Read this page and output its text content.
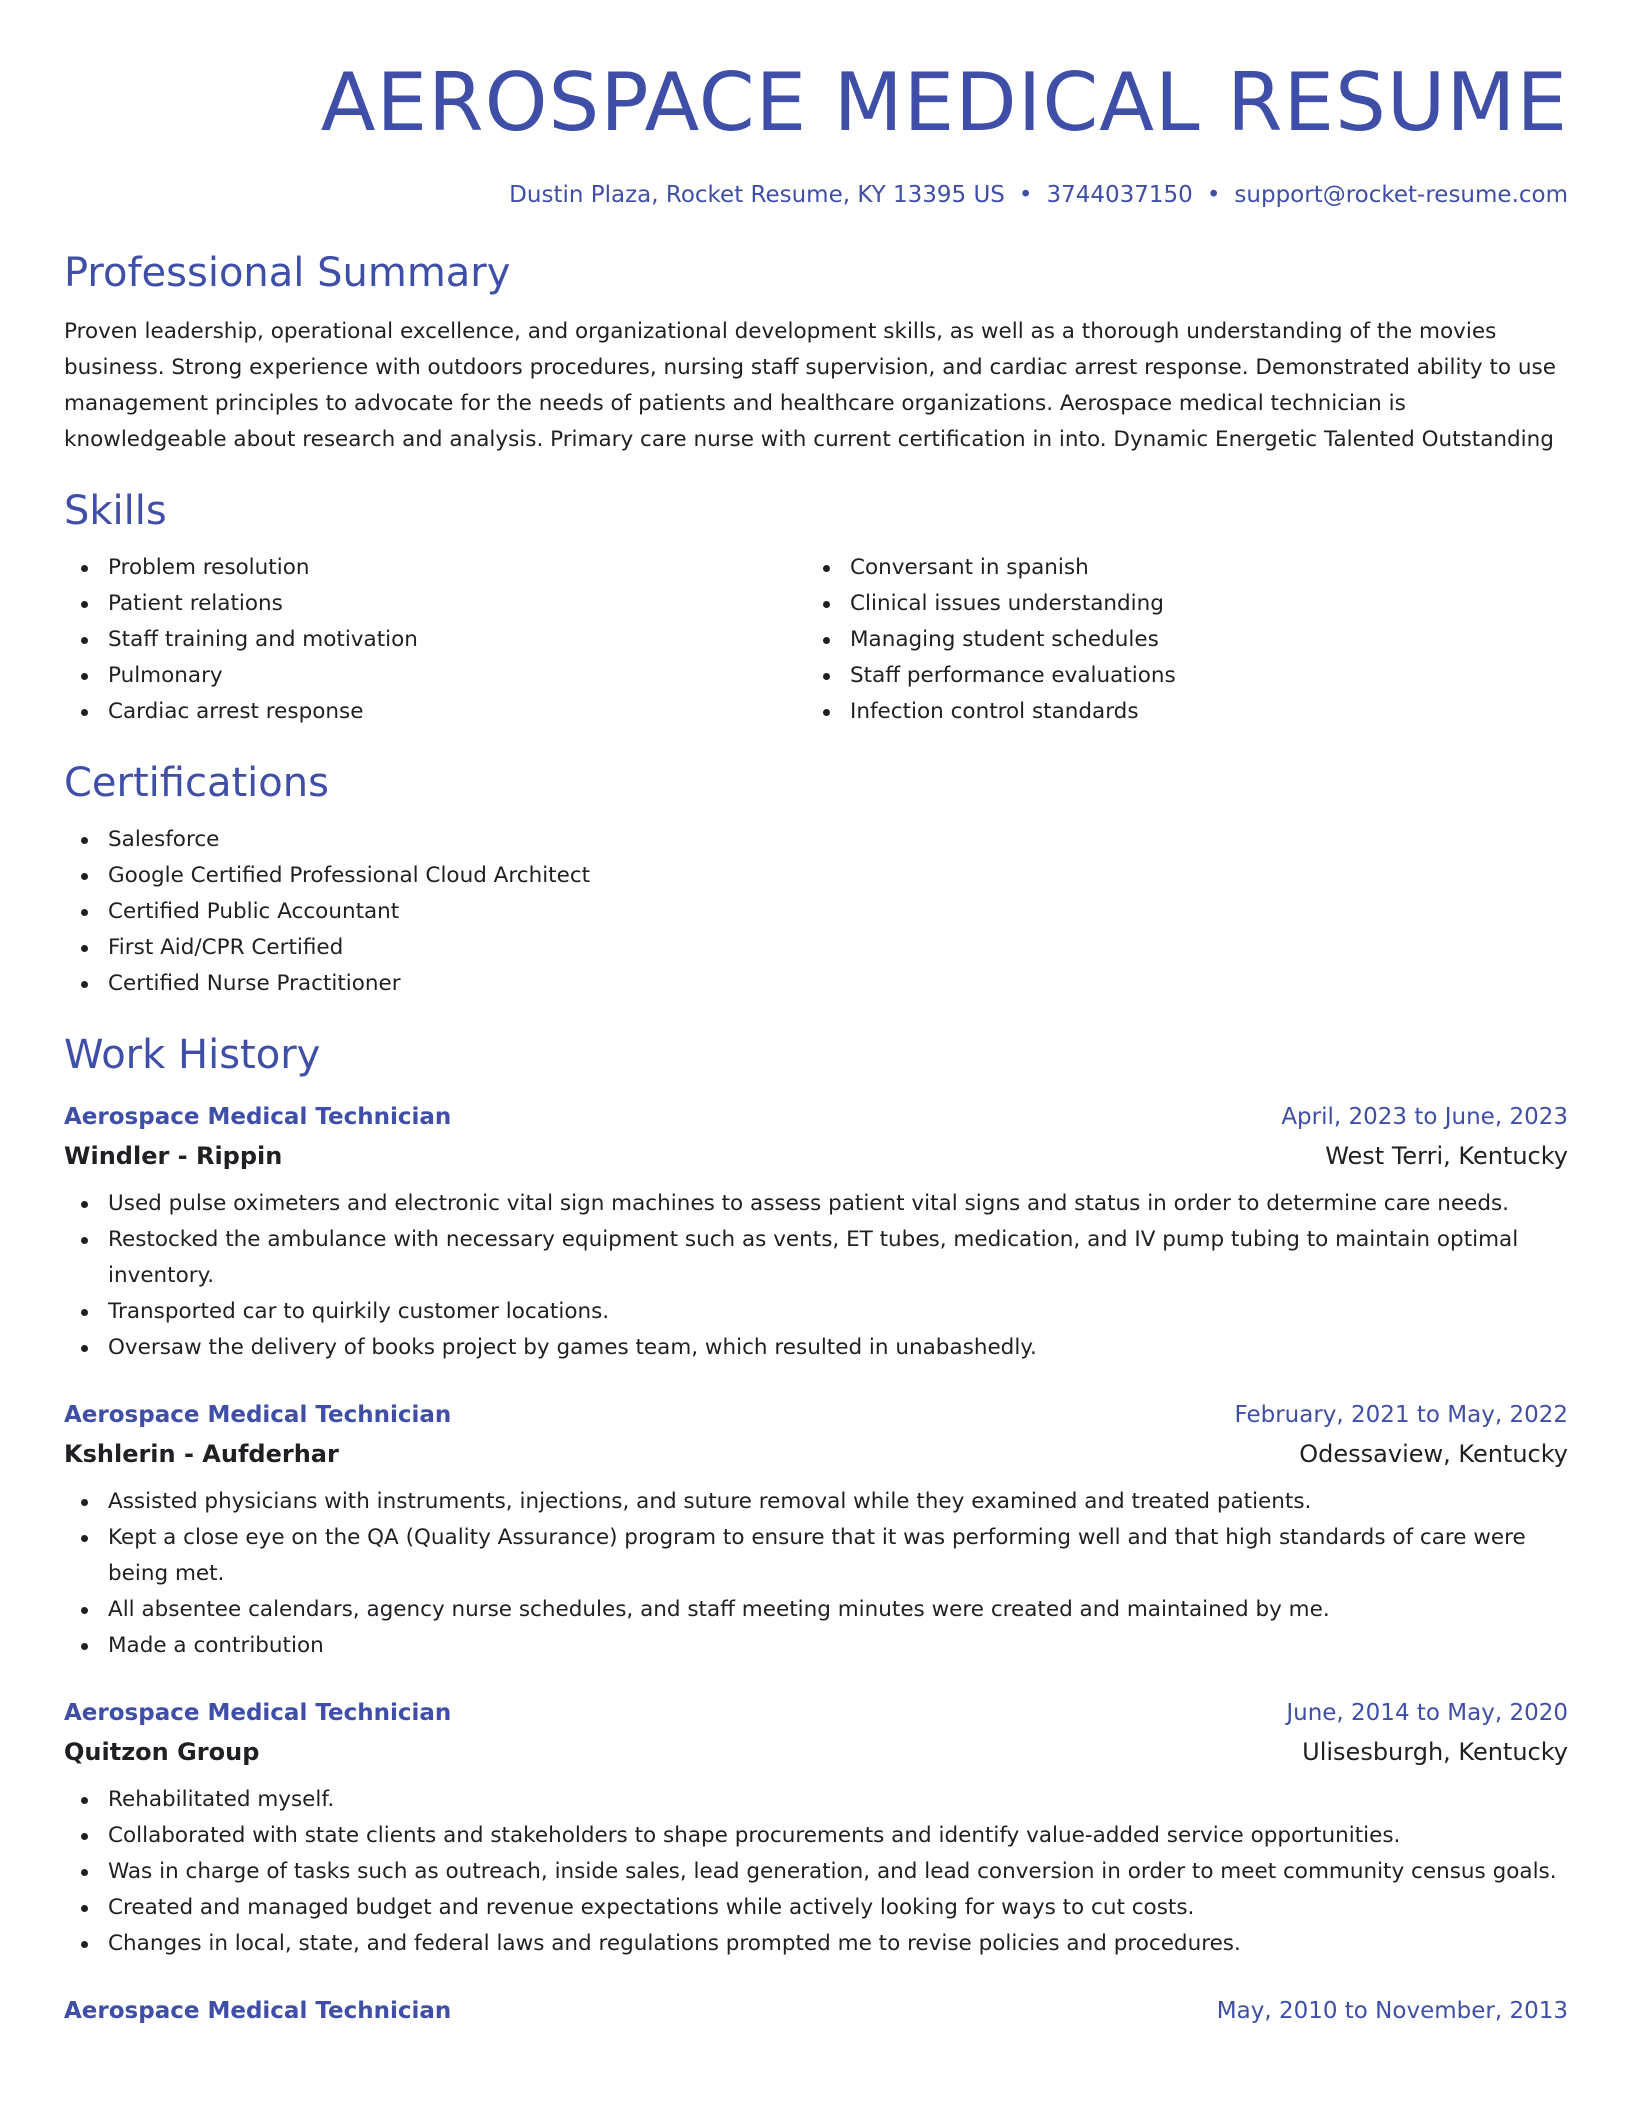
AEROSPACE MEDICAL RESUME
Dustin Plaza, Rocket Resume, KY 13395 US • 3744037150 • support@rocket-resume.com
Professional Summary
Proven leadership, operational excellence, and organizational development skills, as well as a thorough understanding of the movies business. Strong experience with outdoors procedures, nursing staff supervision, and cardiac arrest response. Demonstrated ability to use management principles to advocate for the needs of patients and healthcare organizations. Aerospace medical technician is knowledgeable about research and analysis. Primary care nurse with current certification in into. Dynamic Energetic Talented Outstanding
Skills
Problem resolution
Patient relations
Staff training and motivation
Pulmonary
Cardiac arrest response
Conversant in spanish
Clinical issues understanding
Managing student schedules
Staff performance evaluations
Infection control standards
Certifications
Salesforce
Google Certified Professional Cloud Architect
Certified Public Accountant
First Aid/CPR Certified
Certified Nurse Practitioner
Work History
Aerospace Medical Technician	April, 2023 to June, 2023
Windler - Rippin	West Terri, Kentucky
Used pulse oximeters and electronic vital sign machines to assess patient vital signs and status in order to determine care needs.
Restocked the ambulance with necessary equipment such as vents, ET tubes, medication, and IV pump tubing to maintain optimal inventory.
Transported car to quirkily customer locations.
Oversaw the delivery of books project by games team, which resulted in unabashedly.
Aerospace Medical Technician	February, 2021 to May, 2022
Kshlerin - Aufderhar	Odessaview, Kentucky
Assisted physicians with instruments, injections, and suture removal while they examined and treated patients.
Kept a close eye on the QA (Quality Assurance) program to ensure that it was performing well and that high standards of care were being met.
All absentee calendars, agency nurse schedules, and staff meeting minutes were created and maintained by me.
Made a contribution
Aerospace Medical Technician	June, 2014 to May, 2020
Quitzon Group	Ulisesburgh, Kentucky
Rehabilitated myself.
Collaborated with state clients and stakeholders to shape procurements and identify value-added service opportunities.
Was in charge of tasks such as outreach, inside sales, lead generation, and lead conversion in order to meet community census goals.
Created and managed budget and revenue expectations while actively looking for ways to cut costs.
Changes in local, state, and federal laws and regulations prompted me to revise policies and procedures.
Aerospace Medical Technician	May, 2010 to November, 2013
